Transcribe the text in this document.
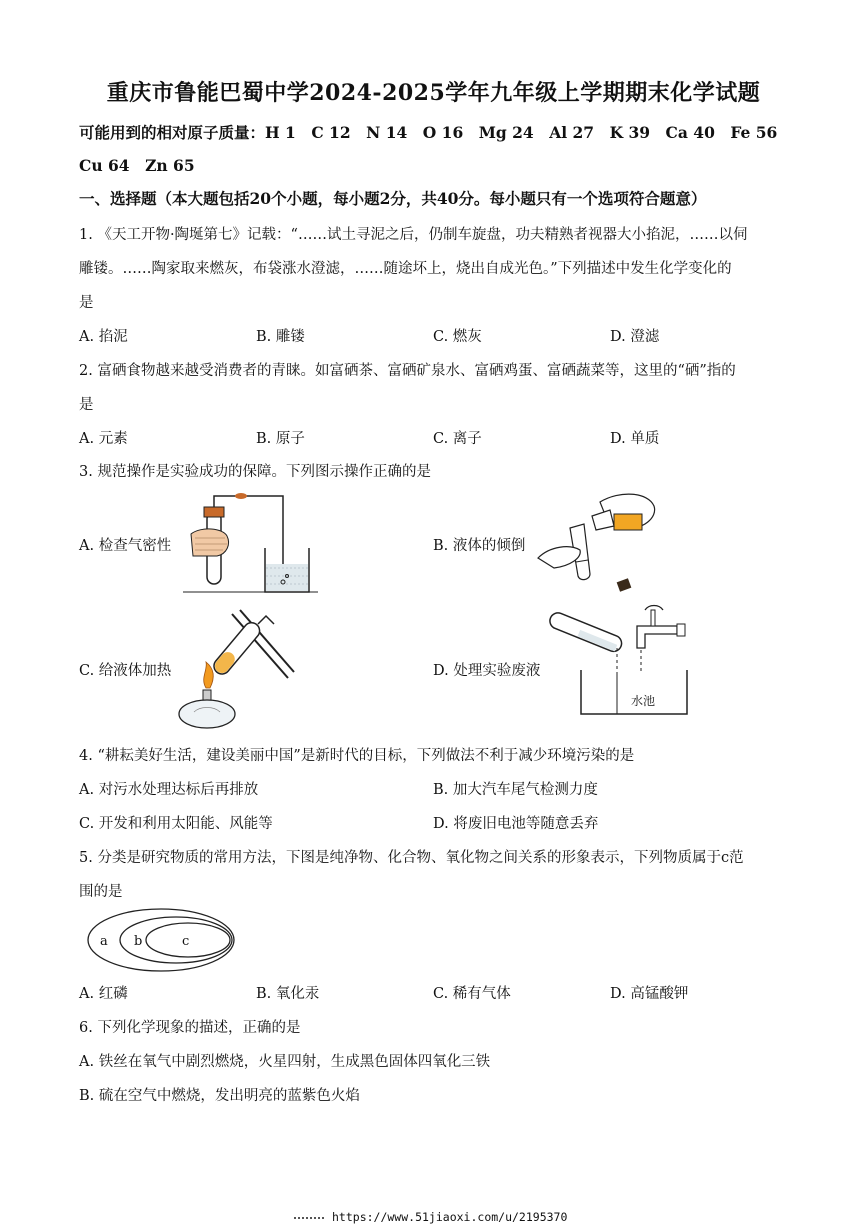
重庆市鲁能巴蜀中学2024-2025学年九年级上学期期末化学试题
可能用到的相对原子质量：H 1　C 12　N 14　O 16　Mg 24　Al 27　K 39　Ca 40　Fe 56
Cu 64　Zn 65
一、选择题（本大题包括20个小题，每小题2分，共40分。每小题只有一个选项符合题意）
1. 《天工开物·陶埏第七》记载：“……试土寻泥之后，仍制车旋盘，功夫精熟者视器大小掐泥，……以伺
雕镂。……陶家取来燃灰，布袋涨水澄滤，……随途坏上，烧出自成光色。”下列描述中发生化学变化的
是
A. 掐泥	B. 雕镂	C. 燃灰	D. 澄滤
2. 富硒食物越来越受消费者的青睐。如富硒茶、富硒矿泉水、富硒鸡蛋、富硒蔬菜等，这里的“硒”指的
是
A. 元素	B. 原子	C. 离子	D. 单质
3. 规范操作是实验成功的保障。下列图示操作正确的是
A. 检查气密性	B. 液体的倾倒
C. 给液体加热	D. 处理实验废液
水池
4. “耕耘美好生活，建设美丽中国”是新时代的目标，下列做法不利于减少环境污染的是
A. 对污水处理达标后再排放	B. 加大汽车尾气检测力度
C. 开发和利用太阳能、风能等	D. 将废旧电池等随意丢弃
5. 分类是研究物质的常用方法，下图是纯净物、化合物、氧化物之间关系的形象表示，下列物质属于c范
围的是
a b	c
A. 红磷	B. 氧化汞	C. 稀有气体	D. 高锰酸钾
6. 下列化学现象的描述，正确的是
A. 铁丝在氧气中剧烈燃烧，火星四射，生成黑色固体四氧化三铁
B. 硫在空气中燃烧，发出明亮的蓝紫色火焰
https://www.51jiaoxi.com/u/2195370
